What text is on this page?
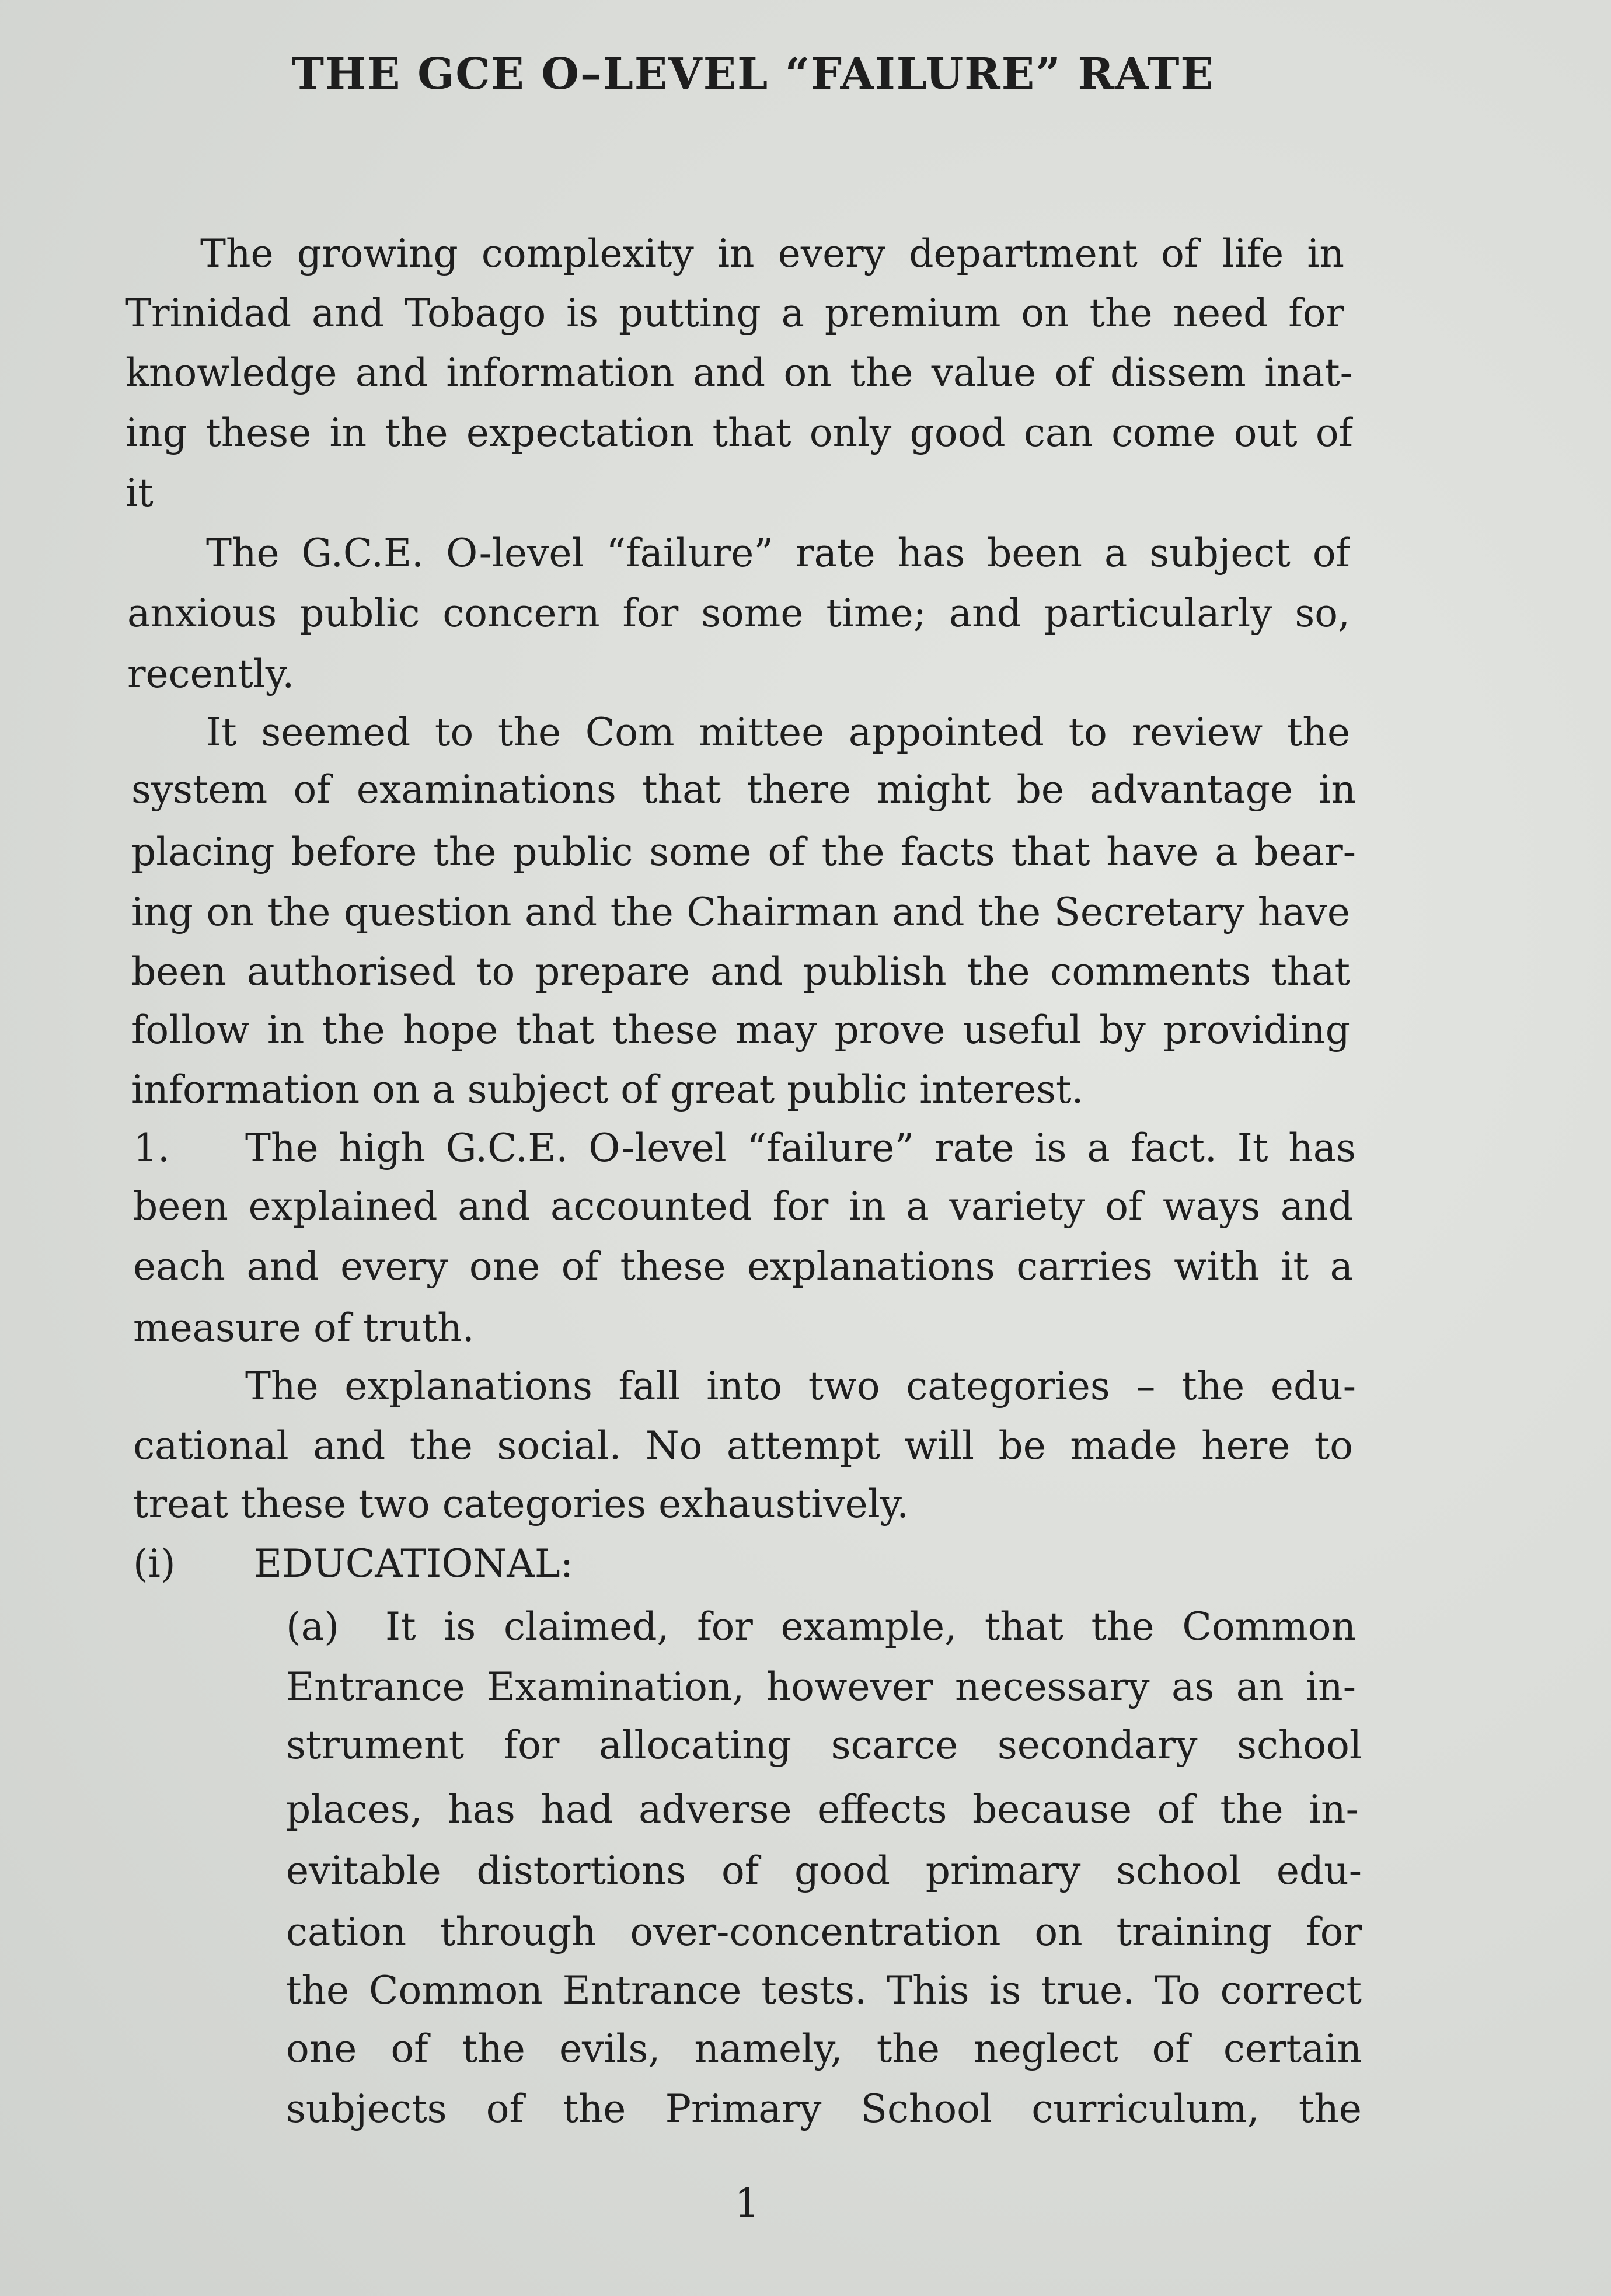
THE GCE O–LEVEL “FAILURE” RATE
The growing complexity in every department of life in
Trinidad and Tobago is putting a premium on the need for
knowledge and information and on the value of dissem inat-
ing these in the expectation that only good can come out of
it
The G.C.E. O-level “failure” rate has been a subject of
anxious public concern for some time; and particularly so,
recently.
It seemed to the Com mittee appointed to review the
system of examinations that there might be advantage in
placing before the public some of the facts that have a bear-
ing on the question and the Chairman and the Secretary have
been authorised to prepare and publish the comments that
follow in the hope that these may prove useful by providing
information on a subject of great public interest.
1. The high G.C.E. O-level “failure” rate is a fact. It has
been explained and accounted for in a variety of ways and
each and every one of these explanations carries with it a
measure of truth.
The explanations fall into two categories – the edu-
cational and the social. No attempt will be made here to
treat these two categories exhaustively.
(i) EDUCATIONAL:
(a) It is claimed, for example, that the Common
Entrance Examination, however necessary as an in-
strument for allocating scarce secondary school
places, has had adverse effects because of the in-
evitable distortions of good primary school edu-
cation through over-concentration on training for
the Common Entrance tests. This is true. To correct
one of the evils, namely, the neglect of certain
subjects of the Primary School curriculum, the
1
